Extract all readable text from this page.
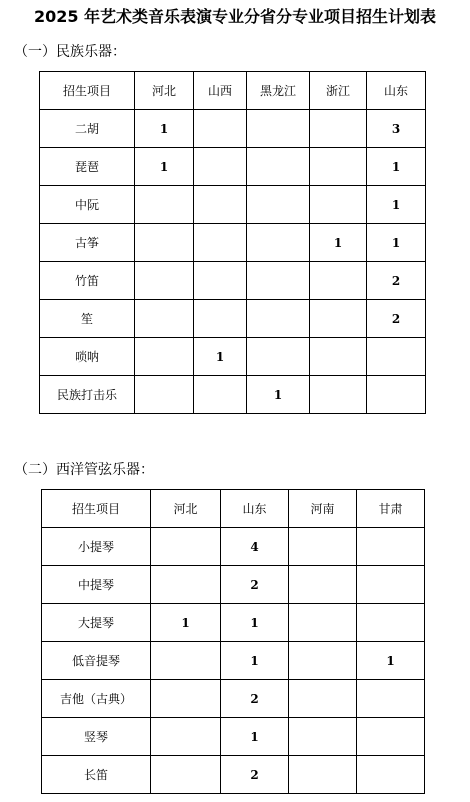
2025 年艺术类音乐表演专业分省分专业项目招生计划表
（一）民族乐器：
招生项目	河北	山西	黑龙江	浙江	山东
二胡	1				3
琵琶	1				1
中阮					1
古筝				1	1
竹笛					2
笙					2
唢呐		1			
民族打击乐			1		
（二）西洋管弦乐器：
招生项目	河北	山东	河南	甘肃
小提琴		4		
中提琴		2		
大提琴	1	1		
低音提琴		1		1
吉他（古典）		2		
竖琴		1		
长笛		2		
